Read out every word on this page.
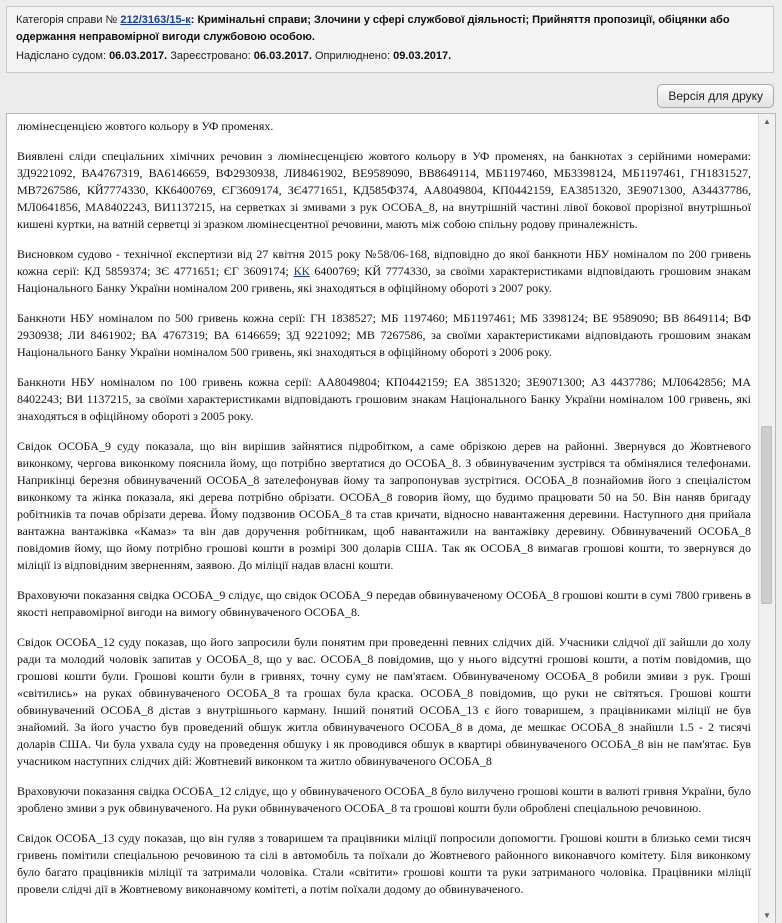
Категорія справи № 212/3163/15-к: Кримінальні справи; Злочини у сфері службової діяльності; Прийняття пропозиції, обіцянки або одержання неправомірної вигоди службовою особою.
Надіслано судом: 06.03.2017. Зареєстровано: 06.03.2017. Оприлюднено: 09.03.2017.
Версія для друку

люмінесценцією жовтого кольору в УФ променях.

Виявлені сліди спеціальних хімічних речовин з люмінесценцією жовтого кольору в УФ променях, на банкнотах з серійними номерами: ЗД9221092, ВА4767319, ВА6146659, ВФ2930938, ЛИ8461902, ВЕ9589090, ВВ8649114, МБ1197460, МБ3398124, МБ1197461, ГН1831527, МВ7267586, КЙ7774330, КК6400769, ЄГ3609174, ЗЄ4771651, КД585Ф374, АА8049804, КП0442159, ЕА3851320, ЗЕ9071300, АЗ4437786, МЛ0641856, МА8402243, ВИ1137215, на серветках зі змивами з рук ОСОБА_8, на внутрішній частині лівої бокової прорізної внутрішньої кишені куртки, на ватній серветці зі зразком люмінесцентної речовини, мають між собою спільну родову приналежність.

Висновком судово - технічної експертизи від 27 квітня 2015 року №58/06-168, відповідно до якої банкноти НБУ номіналом по 200 гривень кожна серії: КД 5859374; ЗЄ 4771651; ЄГ 3609174; КК 6400769; КЙ 7774330, за своїми характеристиками відповідають грошовим знакам Національного Банку України номіналом 200 гривень, які знаходяться в офіційному обороті з 2007 року.

Банкноти НБУ номіналом по 500 гривень кожна серії: ГН 1838527; МБ 1197460; МБ1197461; МБ 3398124; ВЕ 9589090; ВВ 8649114; ВФ 2930938; ЛИ 8461902; ВА 4767319; ВА 6146659; ЗД 9221092; МВ 7267586, за своїми характеристиками відповідають грошовим знакам Національного Банку України номіналом 500 гривень, які знаходяться в офіційному обороті з 2006 року.

Банкноти НБУ номіналом по 100 гривень кожна серії: АА8049804; КП0442159; ЕА 3851320; ЗЕ9071300; АЗ 4437786; МЛ0642856; МА 8402243; ВИ 1137215, за своїми характеристиками відповідають грошовим знакам Національного Банку України номіналом 100 гривень, які знаходяться в офіційному обороті з 2005 року.

Свідок ОСОБА_9 суду показала, що він вирішив зайнятися підробітком, а саме обрізкою дерев на районні. Звернувся до Жовтневого виконкому, чергова виконкому пояснила йому, що потрібно звертатися до ОСОБА_8. З обвинуваченим зустрівся та обмінялися телефонами. Наприкінці березня обвинувачений ОСОБА_8 зателефонував йому та запропонував зустрітися. ОСОБА_8 познайомив його з спеціалістом виконкому та жінка показала, які дерева потрібно обрізати. ОСОБА_8 говорив йому, що будимо працювати 50 на 50. Він наняв бригаду робітників та почав обрізати дерева. Йому подзвонив ОСОБА_8 та став кричати, відносно навантаження деревини. Наступного дня прийала вантажна вантажівка «Камаз» та він дав доручення робітникам, щоб навантажили на вантажівку деревину. Обвинувачений ОСОБА_8 повідомив йому, що йому потрібно грошові кошти в розмірі 300 доларів США. Так як ОСОБА_8 вимагав грошові кошти, то звернувся до міліції із відповідним зверненням, заявою. До міліції надав власні кошти.

Враховуючи показання свідка ОСОБА_9 слідує, що свідок ОСОБА_9 передав обвинуваченому ОСОБА_8 грошові кошти в сумі 7800 гривень в якості неправомірної вигоди на вимогу обвинуваченого ОСОБА_8.

Свідок ОСОБА_12 суду показав, що його запросили були понятим при проведенні певних слідчих дій. Учасники слідчої дії зайшли до холу ради та молодий чоловік запитав у ОСОБА_8, що у вас. ОСОБА_8 повідомив, що у нього відсутні грошові кошти, а потім повідомив, що грошові кошти були. Грошові кошти були в гривнях, точну суму не пам'ятаєм. Обвинуваченому ОСОБА_8 робили змиви з рук. Гроші «світились» на руках обвинуваченого ОСОБА_8 та грошах була краска. ОСОБА_8 повідомив, що руки не світяться. Грошові кошти обвинувачений ОСОБА_8 дістав з внутрішнього карману. Інший понятий ОСОБА_13 є його товаришем, з працівниками міліції не був знайомий. За його участю був проведений обшук житла обвинуваченого ОСОБА_8 в дома, де мешкає ОСОБА_8 знайшли 1.5 - 2 тисячі доларів США. Чи була ухвала суду на проведення обшуку і як проводився обшук в квартирі обвинуваченого ОСОБА_8 він не пам'ятає. Був учасником наступних слідчих дій: Жовтневий виконком та житло обвинуваченого ОСОБА_8

Враховуючи показання свідка ОСОБА_12 слідує, що у обвинуваченого ОСОБА_8 було вилучено грошові кошти в валюті гривня України, було зроблено змиви з рук обвинуваченого. На руки обвинуваченого ОСОБА_8 та грошові кошти були оброблені спеціальною речовиною.

Свідок ОСОБА_13 суду показав, що він гуляв з товаришем та працівники міліції попросили допомогти. Грошові кошти в близько семи тисяч гривень помітили спеціальною речовиною та сілі в автомобіль та поїхали до Жовтневого районного виконавчого комітету. Біля виконкому було багато працівників міліції та затримали чоловіка. Стали «світити» грошові кошти та руки затриманого чоловіка. Працівники міліції провели слідчі дії в Жовтневому виконавчому комітеті, а потім поїхали додому до обвинуваченого.

▲
▼
